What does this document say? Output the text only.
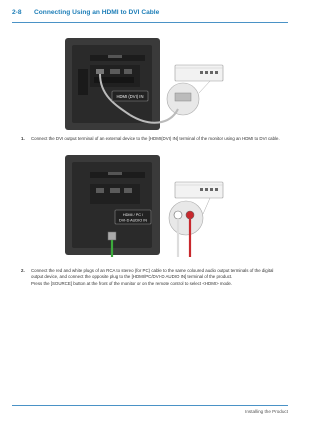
2-8 Connecting Using an HDMI to DVI Cable
HDMI (DVI) IN
1. Connect the DVI output terminal of an external device to the [HDMI(DVI) IN] terminal of the monitor using an HDMI to DVI cable.
HDMI / PC /
DVI-D AUDIO IN
2. Connect the red and white plugs of an RCA to stereo (for PC) cable to the same coloured audio output terminals of the digital output device, and connect the opposite plug to the [HDMI/PC/DVI-D AUDIO IN] terminal of the product.
Press the [SOURCE] button at the front of the monitor or on the remote control to select <HDMI> mode.
Installing the Product
